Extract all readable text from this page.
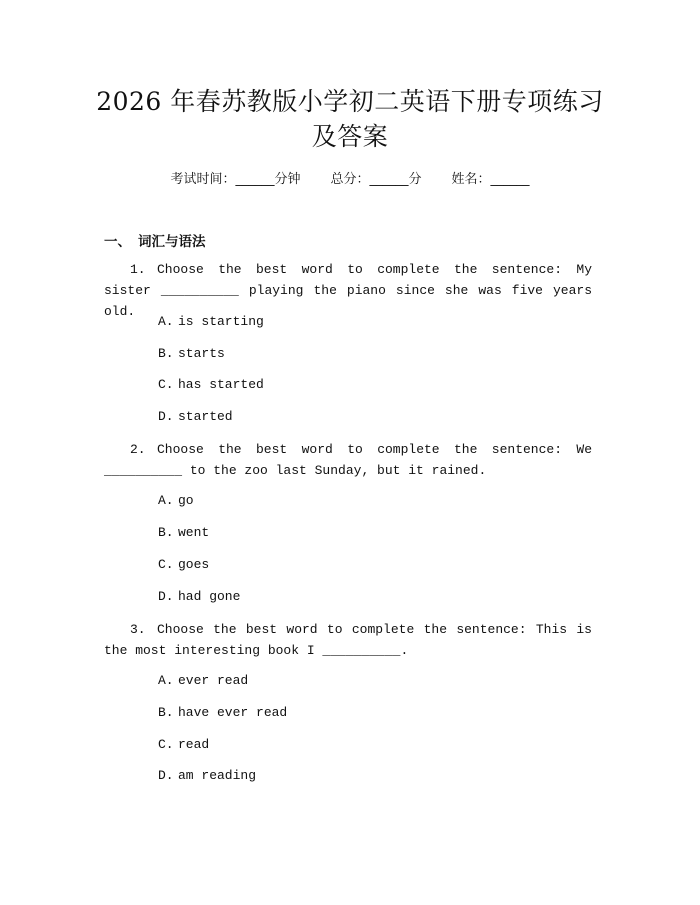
2026 年春苏教版小学初二英语下册专项练习
及答案
考试时间：______分钟 总分：______分 姓名：______
一、 词汇与语法
1. Choose the best word to complete the sentence: My sister __________ playing the piano since she was five years old.
A. is starting
B. starts
C. has started
D. started
2. Choose the best word to complete the sentence: We __________ to the zoo last Sunday, but it rained.
A. go
B. went
C. goes
D. had gone
3. Choose the best word to complete the sentence: This is the most interesting book I __________.
A. ever read
B. have ever read
C. read
D. am reading
